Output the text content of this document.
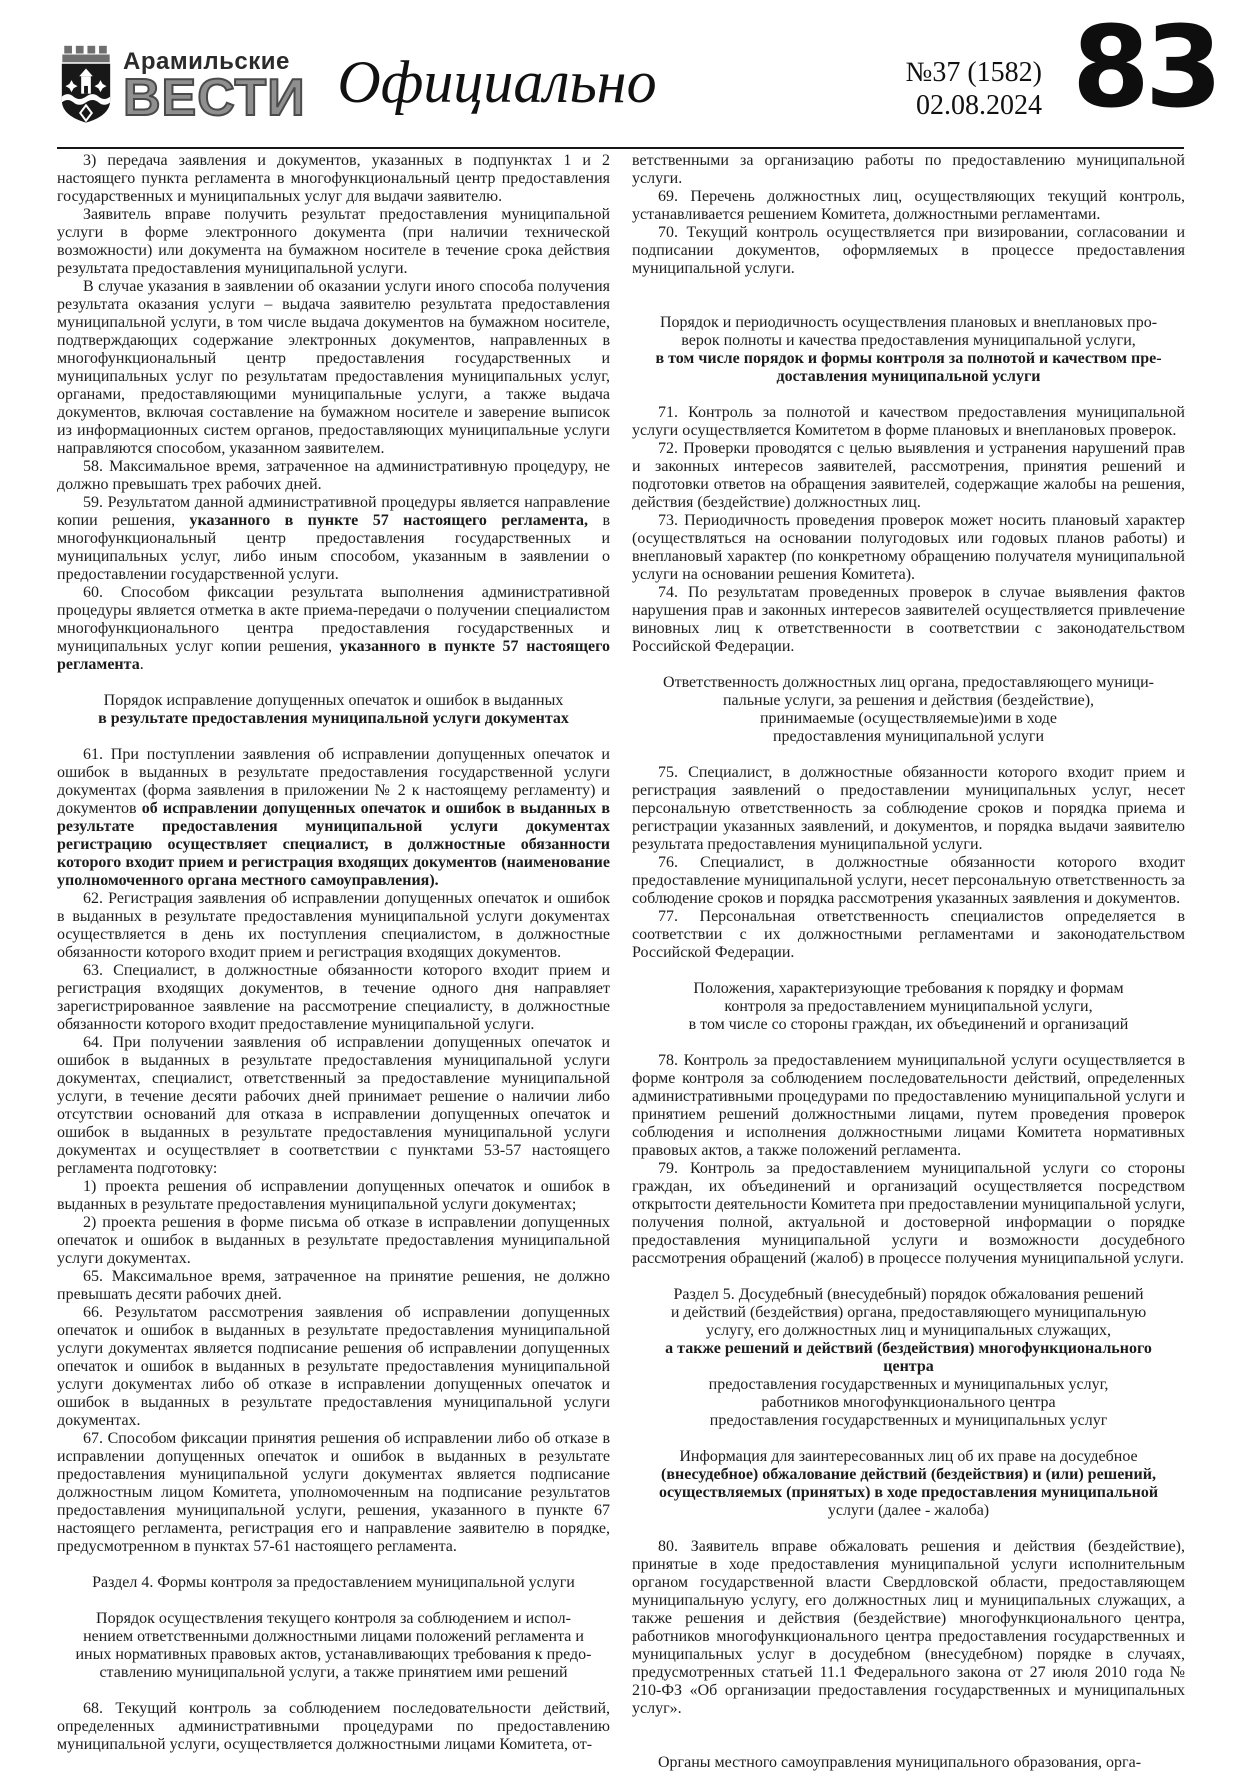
Арамильские
ВЕСТИ Официально	№37 (1582)
02.08.2024 83

3) передача заявления и документов, указанных в подпунктах 1 и 2 настоящего пункта регламента в многофункциональный центр предоставления государственных и муниципальных услуг для выдачи заявителю.

Заявитель вправе получить результат предоставления муниципальной услуги в форме электронного документа (при наличии технической возможности) или документа на бумажном носителе в течение срока действия результата предоставления муниципальной услуги.

В случае указания в заявлении об оказании услуги иного способа получения результата оказания услуги – выдача заявителю результата предоставления муниципальной услуги, в том числе выдача документов на бумажном носителе, подтверждающих содержание электронных документов, направленных в многофункциональный центр предоставления государственных и муниципальных услуг по результатам предоставления муниципальных услуг, органами, предоставляющими муниципальные услуги, а также выдача документов, включая составление на бумажном носителе и заверение выписок из информационных систем органов, предоставляющих муниципальные услуги направляются способом, указанном заявителем.

58. Максимальное время, затраченное на административную процедуру, не должно превышать трех рабочих дней.

59. Результатом данной административной процедуры является направление копии решения, указанного в пункте 57 настоящего регламента, в многофункциональный центр предоставления государственных и муниципальных услуг, либо иным способом, указанным в заявлении о предоставлении государственной услуги.

60. Способом фиксации результата выполнения административной процедуры является отметка в акте приема-передачи о получении специалистом многофункционального центра предоставления государственных и муниципальных услуг копии решения, указанного в пункте 57 настоящего регламента.

Порядок исправление допущенных опечаток и ошибок в выданных
в результате предоставления муниципальной услуги документах

61. При поступлении заявления об исправлении допущенных опечаток и ошибок в выданных в результате предоставления государственной услуги документах (форма заявления в приложении № 2 к настоящему регламенту) и документов об исправлении допущенных опечаток и ошибок в выданных в результате предоставления муниципальной услуги документах регистрацию осуществляет специалист, в должностные обязанности которого входит прием и регистрация входящих документов (наименование уполномоченного органа местного самоуправления).

62. Регистрация заявления об исправлении допущенных опечаток и ошибок в выданных в результате предоставления муниципальной услуги документах осуществляется в день их поступления специалистом, в должностные обязанности которого входит прием и регистрация входящих документов.

63. Специалист, в должностные обязанности которого входит прием и регистрация входящих документов, в течение одного дня направляет зарегистрированное заявление на рассмотрение специалисту, в должностные обязанности которого входит предоставление муниципальной услуги.

64. При получении заявления об исправлении допущенных опечаток и ошибок в выданных в результате предоставления муниципальной услуги документах, специалист, ответственный за предоставление муниципальной услуги, в течение десяти рабочих дней принимает решение о наличии либо отсутствии оснований для отказа в исправлении допущенных опечаток и ошибок в выданных в результате предоставления муниципальной услуги документах и осуществляет в соответствии с пунктами 53-57 настоящего регламента подготовку:

1) проекта решения об исправлении допущенных опечаток и ошибок в выданных в результате предоставления муниципальной услуги документах;

2) проекта решения в форме письма об отказе в исправлении допущенных опечаток и ошибок в выданных в результате предоставления муниципальной услуги документах.

65. Максимальное время, затраченное на принятие решения, не должно превышать десяти рабочих дней.

66. Результатом рассмотрения заявления об исправлении допущенных опечаток и ошибок в выданных в результате предоставления муниципальной услуги документах является подписание решения об исправлении допущенных опечаток и ошибок в выданных в результате предоставления муниципальной услуги документах либо об отказе в исправлении допущенных опечаток и ошибок в выданных в результате предоставления муниципальной услуги документах.

67. Способом фиксации принятия решения об исправлении либо об отказе в исправлении допущенных опечаток и ошибок в выданных в результате предоставления муниципальной услуги документах является подписание должностным лицом Комитета, уполномоченным на подписание результатов предоставления муниципальной услуги, решения, указанного в пункте 67 настоящего регламента, регистрация его и направление заявителю в порядке, предусмотренном в пунктах 57-61 настоящего регламента.

Раздел 4. Формы контроля за предоставлением муниципальной услуги

Порядок осуществления текущего контроля за соблюдением и испол-
нением ответственными должностными лицами положений регламента и
иных нормативных правовых актов, устанавливающих требования к предо-
ставлению муниципальной услуги, а также принятием ими решений

68. Текущий контроль за соблюдением последовательности действий, определенных административными процедурами по предоставлению муниципальной услуги, осуществляется должностными лицами Комитета, от-

ветственными за организацию работы по предоставлению муниципальной услуги.

69. Перечень должностных лиц, осуществляющих текущий контроль, устанавливается решением Комитета, должностными регламентами.

70. Текущий контроль осуществляется при визировании, согласовании и подписании документов, оформляемых в процессе предоставления муниципальной услуги.

Порядок и периодичность осуществления плановых и внеплановых про-
верок полноты и качества предоставления муниципальной услуги,
в том числе порядок и формы контроля за полнотой и качеством пре-
доставления муниципальной услуги

71. Контроль за полнотой и качеством предоставления муниципальной услуги осуществляется Комитетом в форме плановых и внеплановых проверок.

72. Проверки проводятся с целью выявления и устранения нарушений прав и законных интересов заявителей, рассмотрения, принятия решений и подготовки ответов на обращения заявителей, содержащие жалобы на решения, действия (бездействие) должностных лиц.

73. Периодичность проведения проверок может носить плановый характер (осуществляться на основании полугодовых или годовых планов работы) и внеплановый характер (по конкретному обращению получателя муниципальной услуги на основании решения Комитета).

74. По результатам проведенных проверок в случае выявления фактов нарушения прав и законных интересов заявителей осуществляется привлечение виновных лиц к ответственности в соответствии с законодательством Российской Федерации.

Ответственность должностных лиц органа, предоставляющего муници-
пальные услуги, за решения и действия (бездействие),
принимаемые (осуществляемые)ими в ходе
предоставления муниципальной услуги

75. Специалист, в должностные обязанности которого входит прием и регистрация заявлений о предоставлении муниципальных услуг, несет персональную ответственность за соблюдение сроков и порядка приема и регистрации указанных заявлений, и документов, и порядка выдачи заявителю результата предоставления муниципальной услуги.

76. Специалист, в должностные обязанности которого входит предоставление муниципальной услуги, несет персональную ответственность за соблюдение сроков и порядка рассмотрения указанных заявления и документов.

77. Персональная ответственность специалистов определяется в соответствии с их должностными регламентами и законодательством Российской Федерации.

Положения, характеризующие требования к порядку и формам
контроля за предоставлением муниципальной услуги,
в том числе со стороны граждан, их объединений и организаций

78. Контроль за предоставлением муниципальной услуги осуществляется в форме контроля за соблюдением последовательности действий, определенных административными процедурами по предоставлению муниципальной услуги и принятием решений должностными лицами, путем проведения проверок соблюдения и исполнения должностными лицами Комитета нормативных правовых актов, а также положений регламента.

79. Контроль за предоставлением муниципальной услуги со стороны граждан, их объединений и организаций осуществляется посредством открытости деятельности Комитета при предоставлении муниципальной услуги, получения полной, актуальной и достоверной информации о порядке предоставления муниципальной услуги и возможности досудебного рассмотрения обращений (жалоб) в процессе получения муниципальной услуги.

Раздел 5. Досудебный (внесудебный) порядок обжалования решений
и действий (бездействия) органа, предоставляющего муниципальную
услугу, его должностных лиц и муниципальных служащих,
а также решений и действий (бездействия) многофункционального
центра
предоставления государственных и муниципальных услуг,
работников многофункционального центра
предоставления государственных и муниципальных услуг

Информация для заинтересованных лиц об их праве на досудебное
(внесудебное) обжалование действий (бездействия) и (или) решений,
осуществляемых (принятых) в ходе предоставления муниципальной
услуги (далее - жалоба)

80. Заявитель вправе обжаловать решения и действия (бездействие), принятые в ходе предоставления муниципальной услуги исполнительным органом государственной власти Свердловской области, предоставляющем муниципальную услугу, его должностных лиц и муниципальных служащих, а также решения и действия (бездействие) многофункционального центра, работников многофункционального центра предоставления государственных и муниципальных услуг в досудебном (внесудебном) порядке в случаях, предусмотренных статьей 11.1 Федерального закона от 27 июля 2010 года № 210-ФЗ «Об организации предоставления государственных и муниципальных услуг».

Органы местного самоуправления муниципального образования, орга-
